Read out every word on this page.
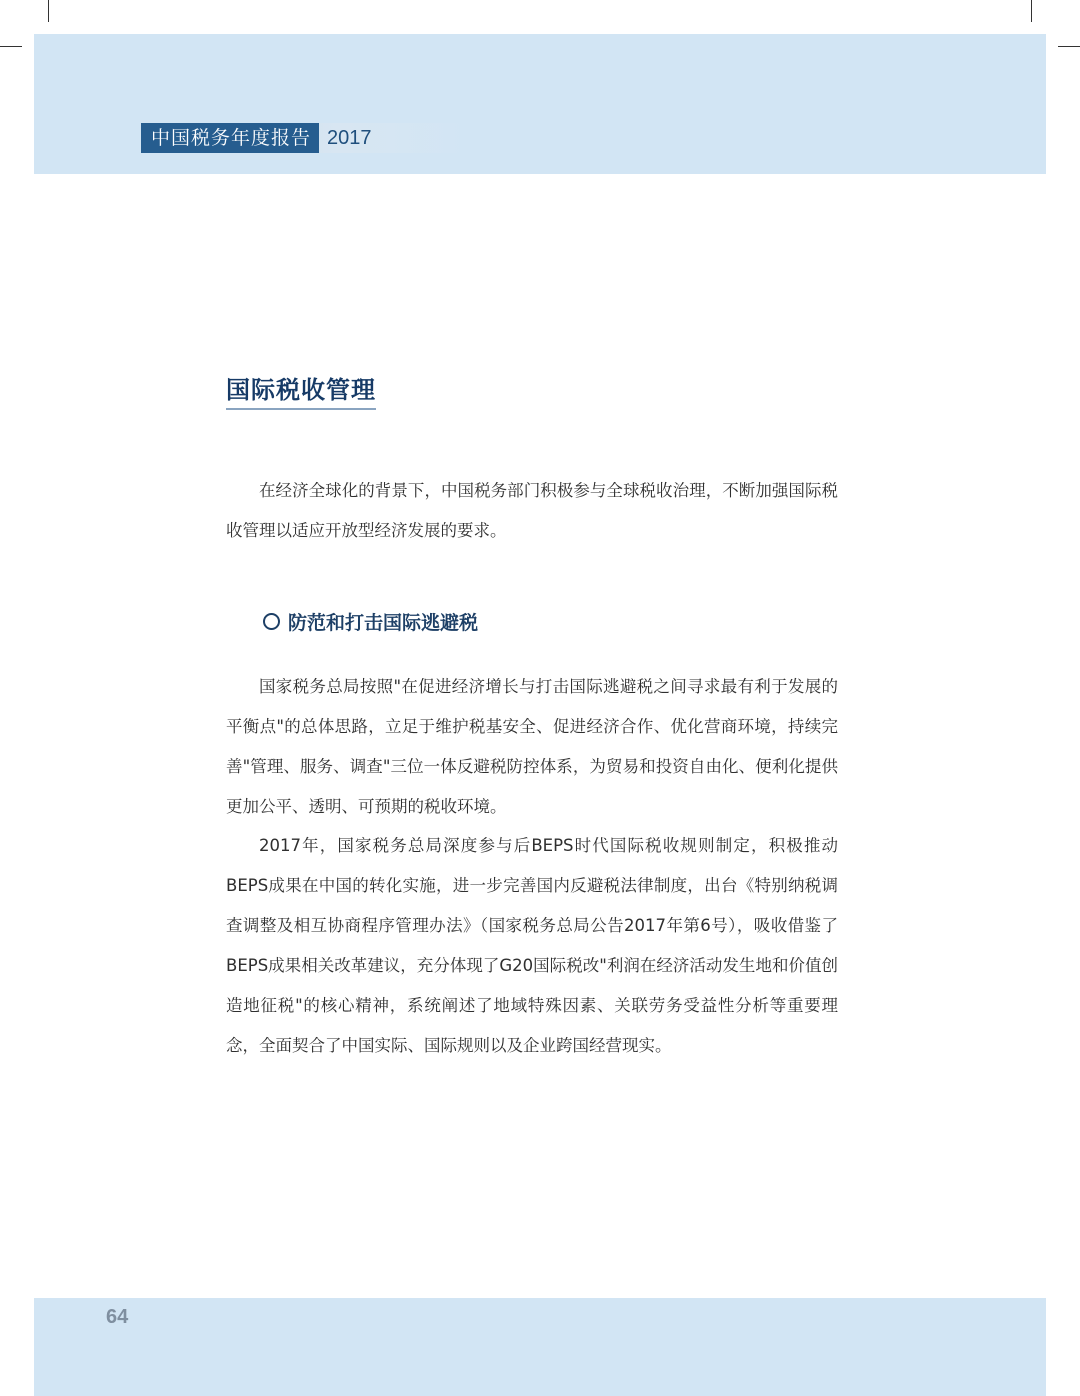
中国税务年度报告 2017
国际税收管理

在经济全球化的背景下，中国税务部门积极参与全球税收治理，不断加强国际税收管理以适应开放型经济发展的要求。

防范和打击国际逃避税

国家税务总局按照"在促进经济增长与打击国际逃避税之间寻求最有利于发展的平衡点"的总体思路，立足于维护税基安全、促进经济合作、优化营商环境，持续完善"管理、服务、调查"三位一体反避税防控体系，为贸易和投资自由化、便利化提供更加公平、透明、可预期的税收环境。

2017年，国家税务总局深度参与后BEPS时代国际税收规则制定，积极推动BEPS成果在中国的转化实施，进一步完善国内反避税法律制度，出台《特别纳税调查调整及相互协商程序管理办法》（国家税务总局公告2017年第6号），吸收借鉴了BEPS成果相关改革建议，充分体现了G20国际税改"利润在经济活动发生地和价值创造地征税"的核心精神，系统阐述了地域特殊因素、关联劳务受益性分析等重要理念，全面契合了中国实际、国际规则以及企业跨国经营现实。

64
